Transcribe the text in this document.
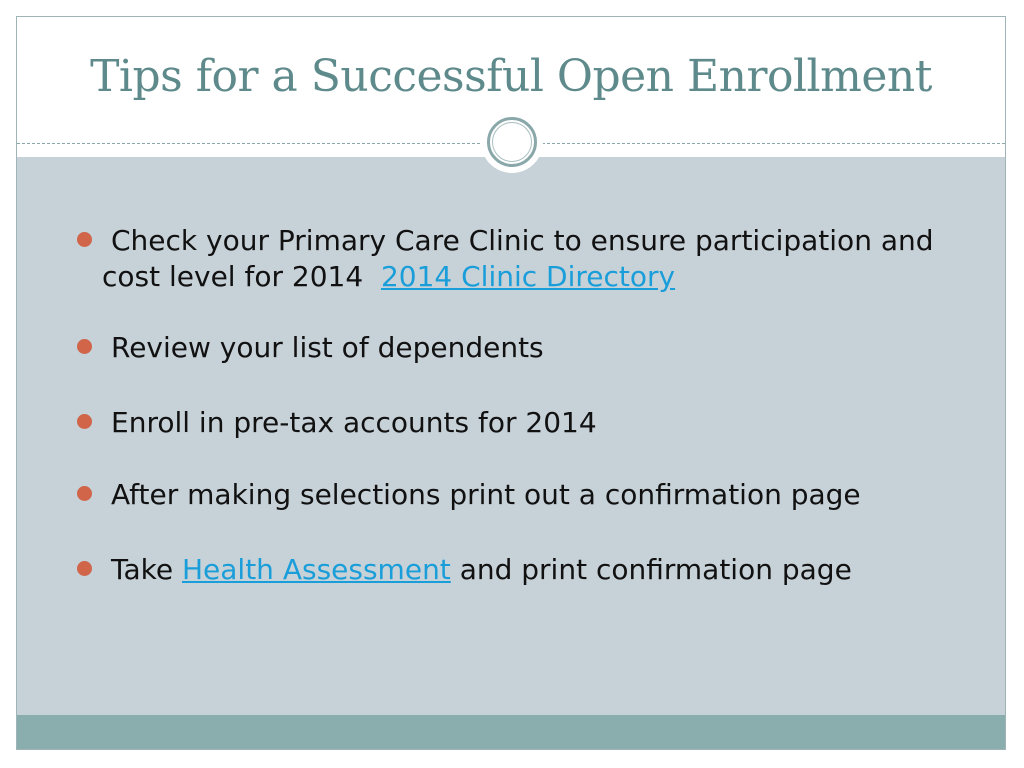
Tips for a Successful Open Enrollment
Check your Primary Care Clinic to ensure participation and cost level for 2014 2014 Clinic Directory
Review your list of dependents
Enroll in pre-tax accounts for 2014
After making selections print out a confirmation page
Take Health Assessment and print confirmation page
